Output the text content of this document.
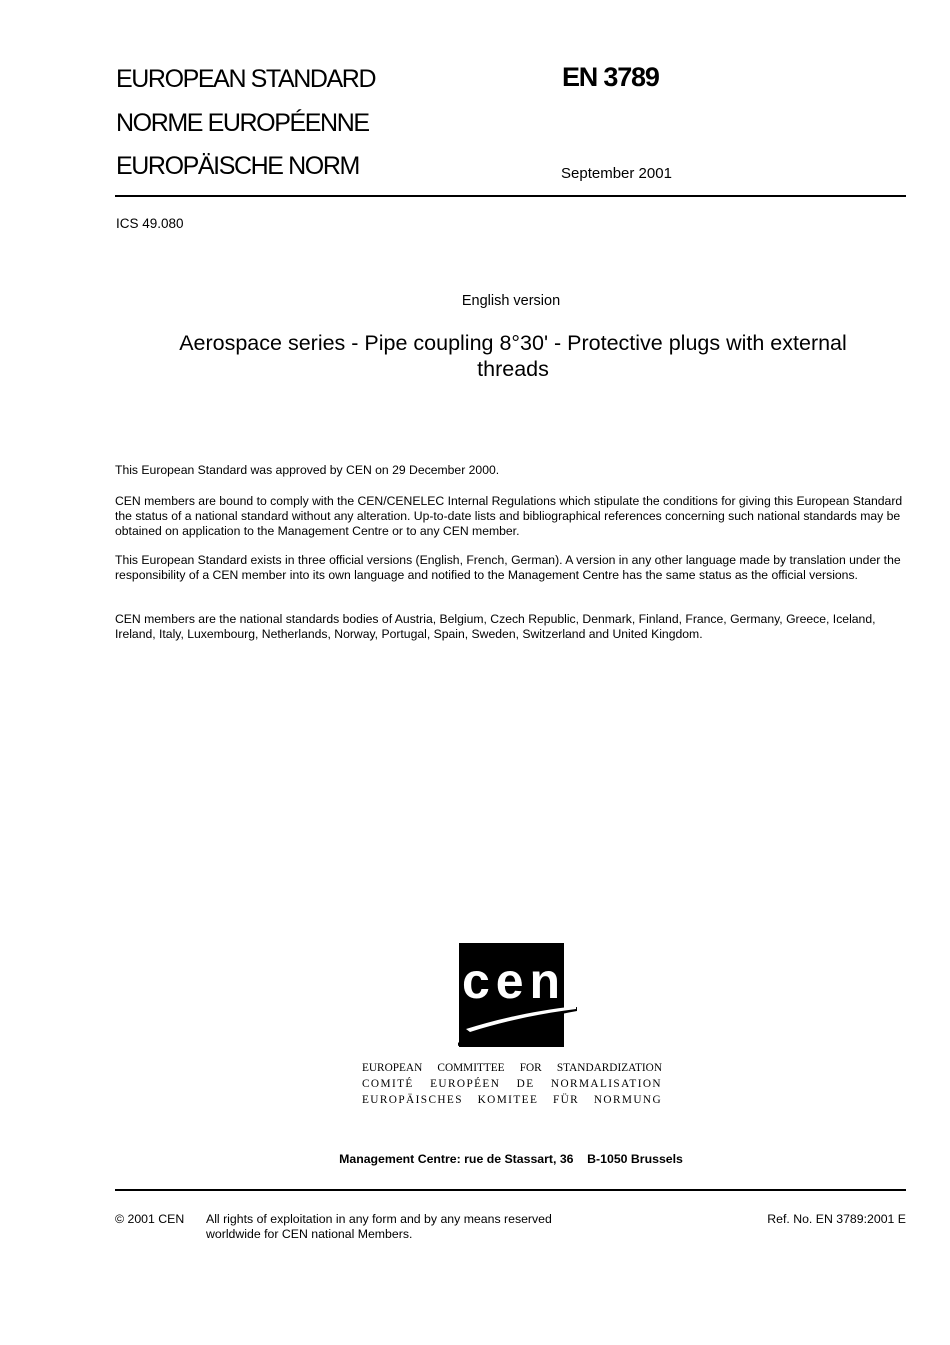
EUROPEAN STANDARD
NORME EUROPÉENNE
EUROPÄISCHE NORM
EN 3789
September 2001
ICS 49.080
English version
Aerospace series - Pipe coupling 8°30' - Protective plugs with external threads
This European Standard was approved by CEN on 29 December 2000.
CEN members are bound to comply with the CEN/CENELEC Internal Regulations which stipulate the conditions for giving this European Standard the status of a national standard without any alteration. Up-to-date lists and bibliographical references concerning such national standards may be obtained on application to the Management Centre or to any CEN member.
This European Standard exists in three official versions (English, French, German). A version in any other language made by translation under the responsibility of a CEN member into its own language and notified to the Management Centre has the same status as the official versions.
CEN members are the national standards bodies of Austria, Belgium, Czech Republic, Denmark, Finland, France, Germany, Greece, Iceland, Ireland, Italy, Luxembourg, Netherlands, Norway, Portugal, Spain, Sweden, Switzerland and United Kingdom.
cen
EUROPEAN COMMITTEE FOR STANDARDIZATION
COMITÉ EUROPÉEN DE NORMALISATION
EUROPÄISCHES KOMITEE FÜR NORMUNG
Management Centre: rue de Stassart, 36    B-1050 Brussels
© 2001 CEN All rights of exploitation in any form and by any means reserved
worldwide for CEN national Members.
Ref. No. EN 3789:2001 E
